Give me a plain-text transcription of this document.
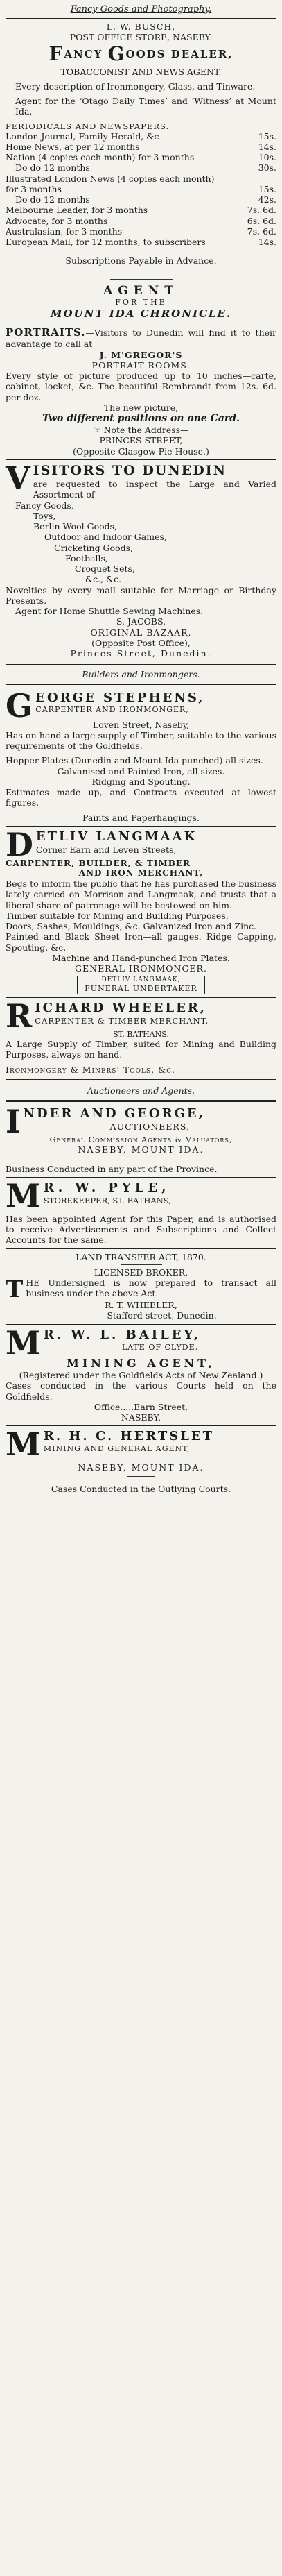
Fancy Goods and Photography.
L. W. BUSCH,
POST OFFICE STORE, NASEBY.
FANCY GOODS DEALER,
TOBACCONIST AND NEWS AGENT.

Every description of Ironmongery, Glass, and Tinware.

Agent for the ‘Otago Daily Times’ and ‘Witness’ at Mount Ida.

PERIODICALS AND NEWSPAPERS.
London Journal, Family Herald, &c	15s.
Home News, at per 12 months	14s.
Nation (4 copies each month) for 3 months	10s.
Do do 12 months	30s.
Illustrated London News (4 copies each month) for 3 months	15s.
Do do 12 months	42s.
Melbourne Leader, for 3 months	7s. 6d.
Advocate, for 3 months	6s. 6d.
Australasian, for 3 months	7s. 6d.
European Mail, for 12 months, to subscribers	14s.
Subscriptions Payable in Advance.
AGENT
FOR THE
MOUNT IDA CHRONICLE.

PORTRAITS.—Visitors to Dunedin will find it to their advantage to call at

J. M'GREGOR'S
PORTRAIT ROOMS.

Every style of picture produced up to 10 inches—carte, cabinet, locket, &c. The beautiful Rembrandt from 12s. 6d. per doz.

The new picture,
Two different positions on one Card.
☞ Note the Address—
PRINCES STREET,
(Opposite Glasgow Pie-House.)
V ISITORS TO DUNEDIN

are requested to inspect the Large and Varied Assortment of

Fancy Goods,

Toys,

Berlin Wool Goods,

Outdoor and Indoor Games,

Cricketing Goods,

Footballs,

Croquet Sets,

&c., &c.

Novelties by every mail suitable for Marriage or Birthday Presents.

Agent for Home Shuttle Sewing Machines.

S. JACOBS,
ORIGINAL BAZAAR,
(Opposite Post Office),
Princes Street, Dunedin.
Builders and Ironmongers.
G EORGE STEPHENS,
CARPENTER AND IRONMONGER,
Loven Street, Naseby,

Has on hand a large supply of Timber, suitable to the various requirements of the Goldfields.

Hopper Plates (Dunedin and Mount Ida punched) all sizes.

Galvanised and Painted Iron, all sizes.
Ridging and Spouting.

Estimates made up, and Contracts executed at lowest figures.

Paints and Paperhangings.
D ETLIV LANGMAAK
Corner Earn and Leven Streets,
CARPENTER, BUILDER, & TIMBER
AND IRON MERCHANT,

Begs to inform the public that he has purchased the business lately carried on Morrison and Langmaak, and trusts that a liberal share of patronage will be bestowed on him.

Timber suitable for Mining and Building Purposes.

Doors, Sashes, Mouldings, &c. Galvanized Iron and Zinc.

Painted and Black Sheet Iron—all gauges. Ridge Capping, Spouting, &c.

Machine and Hand-punched Iron Plates.
GENERAL IRONMONGER.
DETLIV LANGMAAK,
FUNERAL UNDERTAKER
R ICHARD WHEELER,
CARPENTER & TIMBER MERCHANT,
ST. BATHANS.

A Large Supply of Timber, suited for Mining and Building Purposes, always on hand.

Ironmongery & Miners' Tools, &c.
Auctioneers and Agents.
I NDER AND GEORGE,
AUCTIONEERS,
General Commission Agents & Valuators,
NASEBY, MOUNT IDA.

Business Conducted in any part of the Province.

M R. W. PYLE,
STOREKEEPER, ST. BATHANS,

Has been appointed Agent for this Paper, and is authorised to receive Advertisements and Subscriptions and Collect Accounts for the same.

LAND TRANSFER ACT, 1870.
LICENSED BROKER.
T HE Undersigned is now prepared to transact all business under the above Act.

R. T. WHEELER,
Stafford-street, Dunedin.
M R. W. L. BAILEY,
LATE OF CLYDE,
MINING AGENT,

(Registered under the Goldfields Acts of New Zealand.)

Cases conducted in the various Courts held on the Goldfields.

Office.....Earn Street,
NASEBY.
M R. H. C. HERTSLET
MINING AND GENERAL AGENT,
NASEBY, MOUNT IDA.
Cases Conducted in the Outlying Courts.
